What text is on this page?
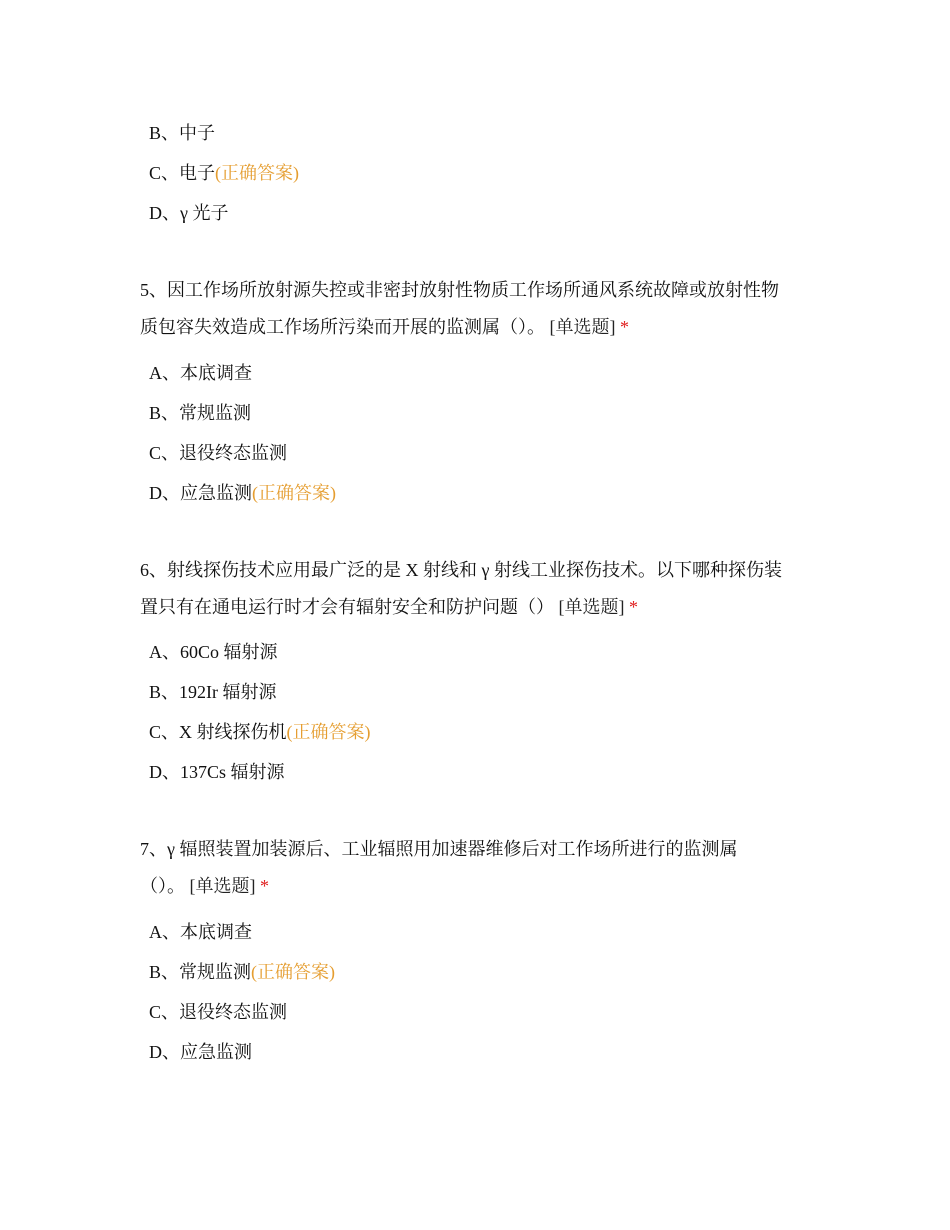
B、中子
C、电子(正确答案)
D、γ 光子
5、因工作场所放射源失控或非密封放射性物质工作场所通风系统故障或放射性物
质包容失效造成工作场所污染而开展的监测属（）。 [单选题] *
A、本底调查
B、常规监测
C、退役终态监测
D、应急监测(正确答案)
6、射线探伤技术应用最广泛的是 X 射线和 γ 射线工业探伤技术。以下哪种探伤装
置只有在通电运行时才会有辐射安全和防护问题（） [单选题] *
A、60Co 辐射源
B、192Ir 辐射源
C、X 射线探伤机(正确答案)
D、137Cs 辐射源
7、γ 辐照装置加装源后、工业辐照用加速器维修后对工作场所进行的监测属
（）。 [单选题] *
A、本底调查
B、常规监测(正确答案)
C、退役终态监测
D、应急监测
